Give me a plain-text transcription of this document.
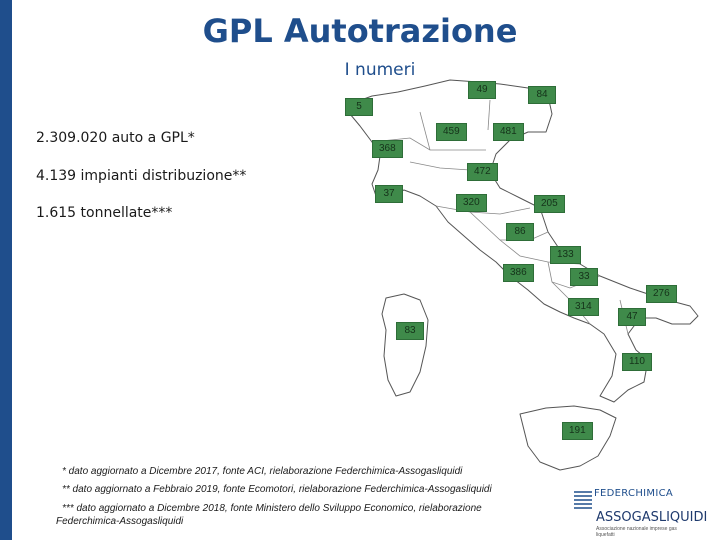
GPL Autotrazione
I numeri
2.309.020 auto a GPL*
4.139 impianti distribuzione**
1.615 tonnellate***
5
49	84
459	481
368
472
37
320	205
86
133
386	33
276
314
47
83
110
191
* dato aggiornato a Dicembre 2017, fonte ACI, rielaborazione Federchimica-Assogasliquidi
** dato aggiornato a Febbraio 2019, fonte Ecomotori, rielaborazione Federchimica-Assogasliquidi
*** dato aggiornato a Dicembre 2018, fonte Ministero dello Sviluppo Economico, rielaborazione
Federchimica-Assogasliquidi
FEDERCHIMICA
ASSOGASLIQUIDI
Associazione nazionale imprese gas liquefatti
